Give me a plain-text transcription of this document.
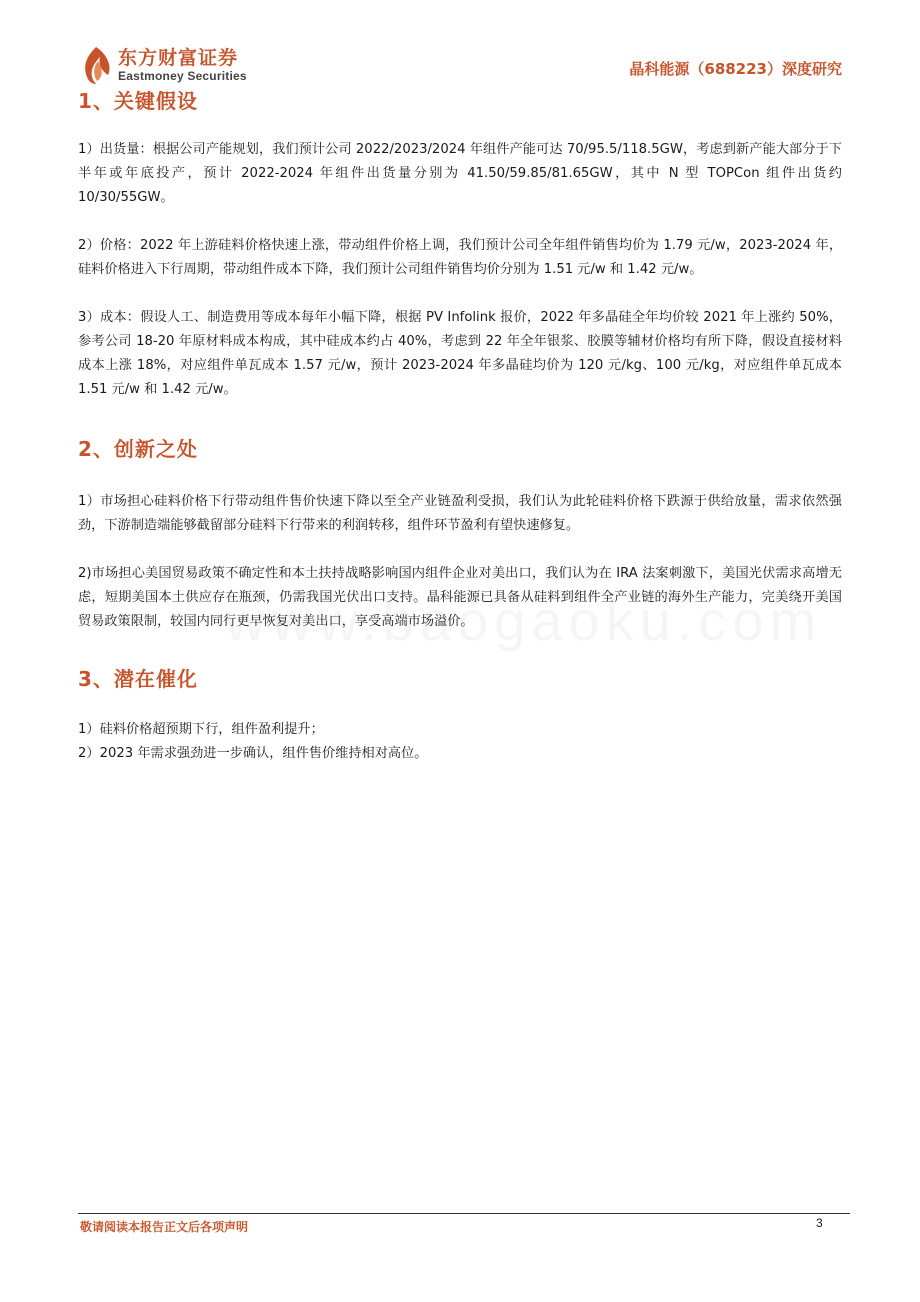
东方财富证券
Eastmoney Securities	晶科能源（688223）深度研究
1、关键假设

1）出货量：根据公司产能规划，我们预计公司 2022/2023/2024 年组件产能可达 70/95.5/118.5GW，考虑到新产能大部分于下半年或年底投产，预计 2022-2024 年组件出货量分别为 41.50/59.85/81.65GW，其中 N 型 TOPCon 组件出货约 10/30/55GW。

2）价格：2022 年上游硅料价格快速上涨，带动组件价格上调，我们预计公司全年组件销售均价为 1.79 元/w，2023-2024 年，硅料价格进入下行周期，带动组件成本下降，我们预计公司组件销售均价分别为 1.51 元/w 和 1.42 元/w。

3）成本：假设人工、制造费用等成本每年小幅下降，根据 PV Infolink 报价，2022 年多晶硅全年均价较 2021 年上涨约 50%，参考公司 18-20 年原材料成本构成，其中硅成本约占 40%，考虑到 22 年全年银浆、胶膜等辅材价格均有所下降，假设直接材料成本上涨 18%，对应组件单瓦成本 1.57 元/w，预计 2023-2024 年多晶硅均价为 120 元/kg、100 元/kg，对应组件单瓦成本 1.51 元/w 和 1.42 元/w。

2、创新之处

1）市场担心硅料价格下行带动组件售价快速下降以至全产业链盈利受损，我们认为此轮硅料价格下跌源于供给放量，需求依然强劲，下游制造端能够截留部分硅料下行带来的利润转移，组件环节盈利有望快速修复。

2)市场担心美国贸易政策不确定性和本土扶持战略影响国内组件企业对美出口，我们认为在 IRA 法案刺激下，美国光伏需求高增无虑，短期美国本土供应存在瓶颈，仍需我国光伏出口支持。晶科能源已具备从硅料到组件全产业链的海外生产能力，完美绕开美国贸易政策限制，较国内同行更早恢复对美出口，享受高端市场溢价。

3、潜在催化

1）硅料价格超预期下行，组件盈利提升；

2）2023 年需求强劲进一步确认，组件售价维持相对高位。

敬请阅读本报告正文后各项声明	3
